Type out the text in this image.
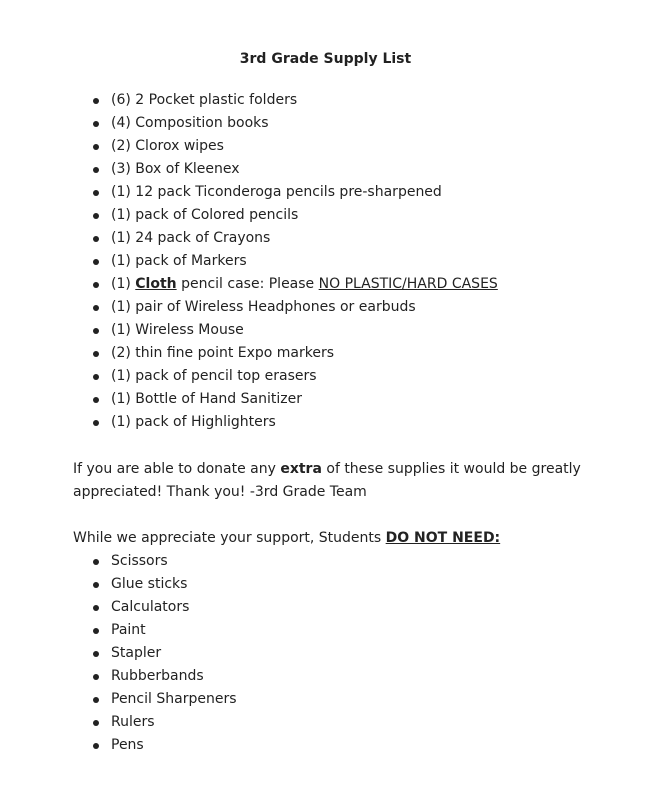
3rd Grade Supply List
(6) 2 Pocket plastic folders
(4) Composition books
(2) Clorox wipes
(3) Box of Kleenex
(1) 12 pack Ticonderoga pencils pre-sharpened
(1) pack of Colored pencils
(1) 24 pack of Crayons
(1) pack of Markers
(1) Cloth pencil case: Please NO PLASTIC/HARD CASES
(1) pair of Wireless Headphones or earbuds
(1) Wireless Mouse
(2) thin fine point Expo markers
(1) pack of pencil top erasers
(1) Bottle of Hand Sanitizer
(1) pack of Highlighters

If you are able to donate any extra of these supplies it would be greatly

appreciated! Thank you! -3rd Grade Team

While we appreciate your support, Students DO NOT NEED:

Scissors
Glue sticks
Calculators
Paint
Stapler
Rubberbands
Pencil Sharpeners
Rulers
Pens
